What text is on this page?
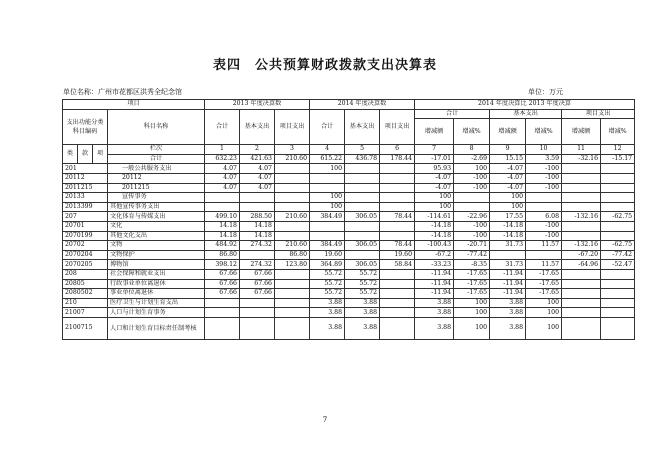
表四　公共预算财政拨款支出决算表
单位名称：广州市花都区洪秀全纪念馆	单位：万元
项目				2013 年度决算数			2014 年度决算数			2014 年度决算比 2013 年度决算					
支出功能分类科目编码			科目名称	合计	基本支出	项目支出	合计	基本支出	项目支出	合计		基本支出		项目支出	
										增减额	增减%	增减额	增减%	增减额	增减%
类	款	项	栏次	1	2	3	4	5	6	7	8	9	10	11	12
			合计	632.23	421.63	210.60	615.22	436.78	178.44	-17.01	-2.69	15.15	3.59	-32.16	-15.17
201			一般公共服务支出	4.07	4.07		100			95.93	100	-4.07	-100		
20112			20112	4.07	4.07					-4.07	-100	-4.07	-100		
2011215			2011215	4.07	4.07					-4.07	-100	-4.07	-100		
20133			宣传事务				100			100		100			
2013399			其他宣传事务支出				100			100		100			
207			文化体育与传媒支出	499.10	288.50	210.60	384.49	306.05	78.44	-114.61	-22.96	17.55	6.08	-132.16	-62.75
20701			文化	14.18	14.18					-14.18	-100	-14.18	-100		
2070199			其他文化支出	14.18	14.18					-14.18	-100	-14.18	-100		
20702			文物	484.92	274.32	210.60	384.49	306.05	78.44	-100.43	-20.71	31.73	11.57	-132.16	-62.75
2070204			文物保护	86.80		86.80	19.60		19.60	-67.2	-77.42			-67.20	-77.42
2070205			博物馆	398.12	274.32	123.80	364.89	306.05	58.84	-33.23	-8.35	31.73	11.57	-64.96	-52.47
208			社会保障和就业支出	67.66	67.66		55.72	55.72		-11.94	-17.65	-11.94	-17.65		
20805			行政事业单位离退休	67.66	67.66		55.72	55.72		-11.94	-17.65	-11.94	-17.65		
2080502			事业单位离退休	67.66	67.66		55.72	55.72		-11.94	-17.65	-11.94	-17.65		
210			医疗卫生与计划生育支出				3.88	3.88		3.88	100	3.88	100		
21007			人口与计划生育事务				3.88	3.88		3.88	100	3.88	100		
2100715			人口和计划生育目标责任制考核				3.88	3.88		3.88	100	3.88	100		
7
